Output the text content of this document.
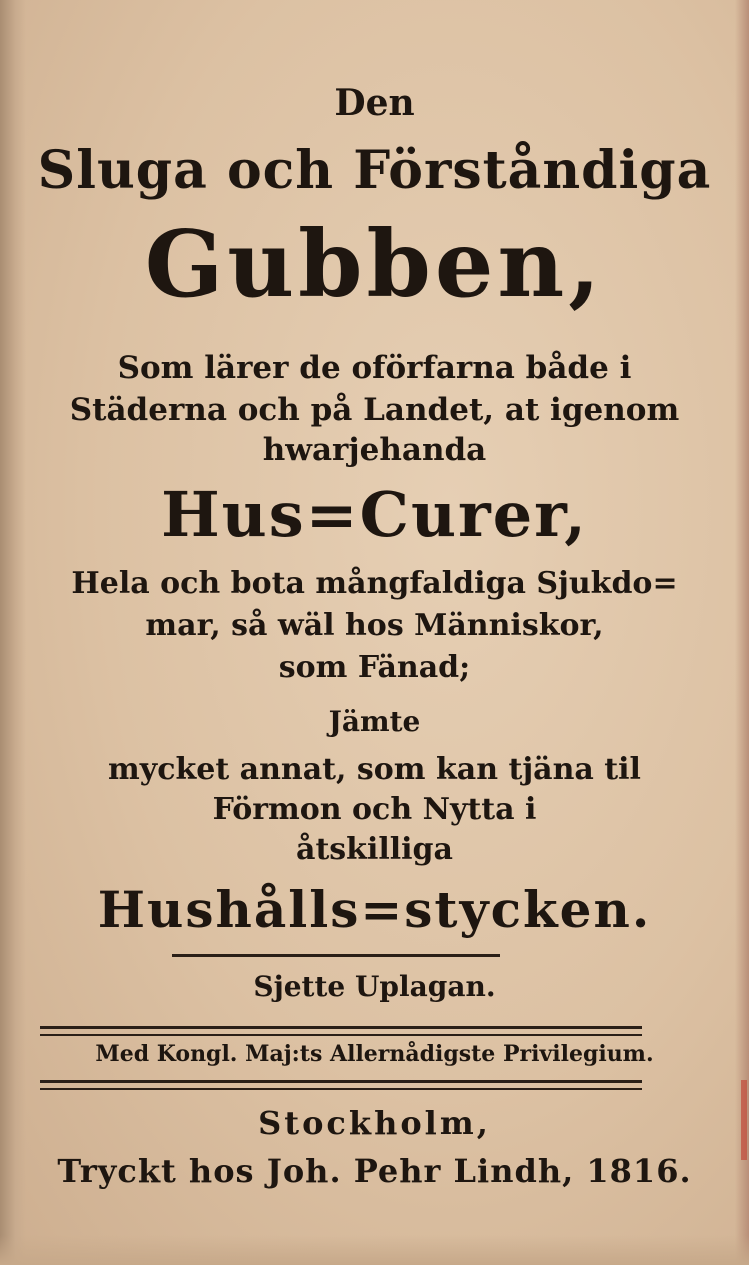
Den

Sluga och Förståndiga

Gubben,

Som lärer de oförfarna både i

Städerna och på Landet, at igenom

hwarjehanda

Hus=Curer,

Hela och bota mångfaldiga Sjukdo=

mar, så wäl hos Människor,

som Fänad;

Jämte

mycket annat, som kan tjäna til

Förmon och Nytta i

åtskilliga

Hushålls=stycken.

Sjette Uplagan.

Med Kongl. Maj:ts Allernådigste Privilegium.

Stockholm,

Tryckt hos Joh. Pehr Lindh, 1816.
